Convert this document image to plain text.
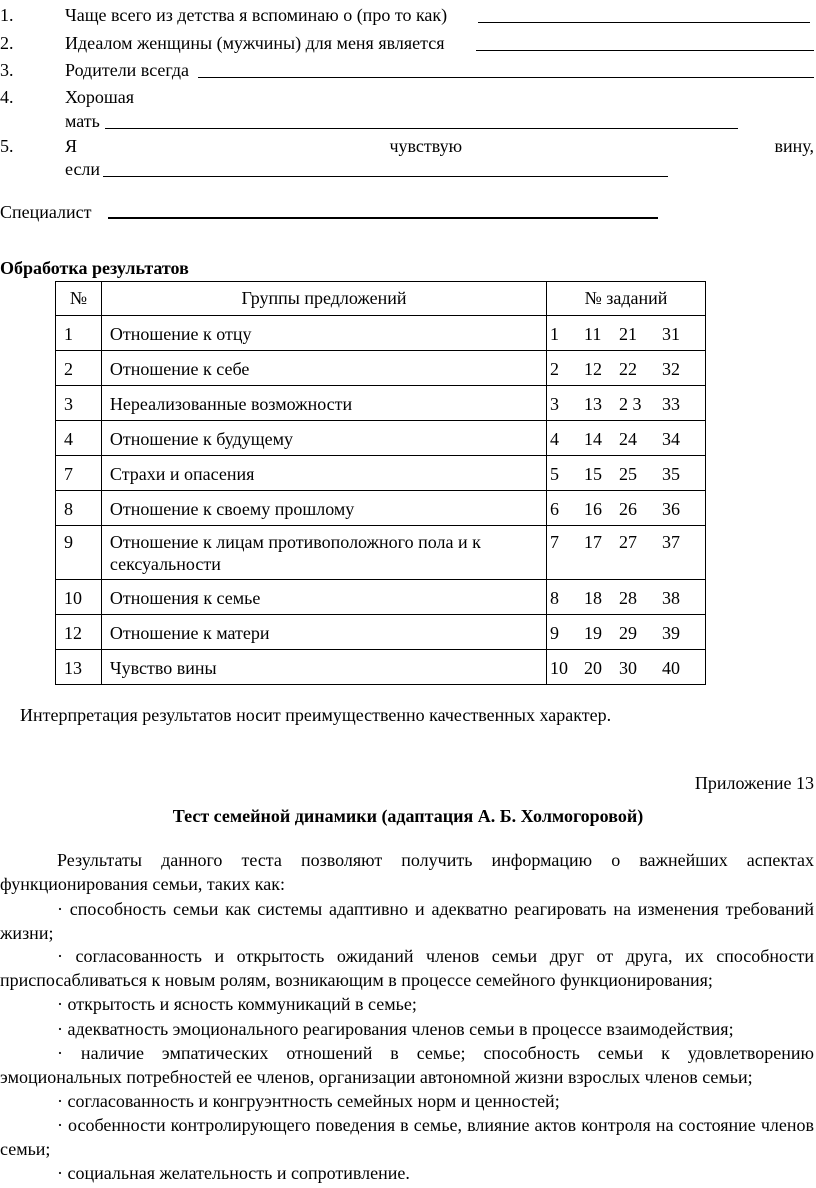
1.	Чаще всего из детства я вспоминаю о (про то как)
2.	Идеалом женщины (мужчины) для меня является
3.	Родители всегда
4.	Хорошая
мать
5.	Я	чувствую	вину,
если
Специалист
Обработка результатов
№	Группы предложений	№ заданий
1	Отношение к отцу	1 11 21 31

2	Отношение к себе	2 12 22 32

3	Нереализованные возможности	3 13 2 3 33

4	Отношение к будущему	4 14 24 34

7	Страхи и опасения	5 15 25 35

8	Отношение к своему прошлому	6 16 26 36

9	Отношение к лицам противоположного пола и к сексуальности	7 17 27 37

10	Отношения к семье	8 18 28 38

12	Отношение к матери	9 19 29 39

13	Чувство вины	10 20 30 40
Интерпретация результатов носит преимущественно качественных характер.
Приложение 13
Тест семейной динамики (адаптация А. Б. Холмогоровой)
Результаты данного теста позволяют получить информацию о важнейших аспектах функционирования семьи, таких как:
· способность семьи как системы адаптивно и адекватно реагировать на изменения требований жизни;
· согласованность и открытость ожиданий членов семьи друг от друга, их способности приспосабливаться к новым ролям, возникающим в процессе семейного функционирования;
· открытость и ясность коммуникаций в семье;
· адекватность эмоционального реагирования членов семьи в процессе взаимодействия;
· наличие эмпатических отношений в семье; способность семьи к удовлетворению эмоциональных потребностей ее членов, организации автономной жизни взрослых членов семьи;
· согласованность и конгруэнтность семейных норм и ценностей;
· особенности контролирующего поведения в семье, влияние актов контроля на состояние членов семьи;
· социальная желательность и сопротивление.
